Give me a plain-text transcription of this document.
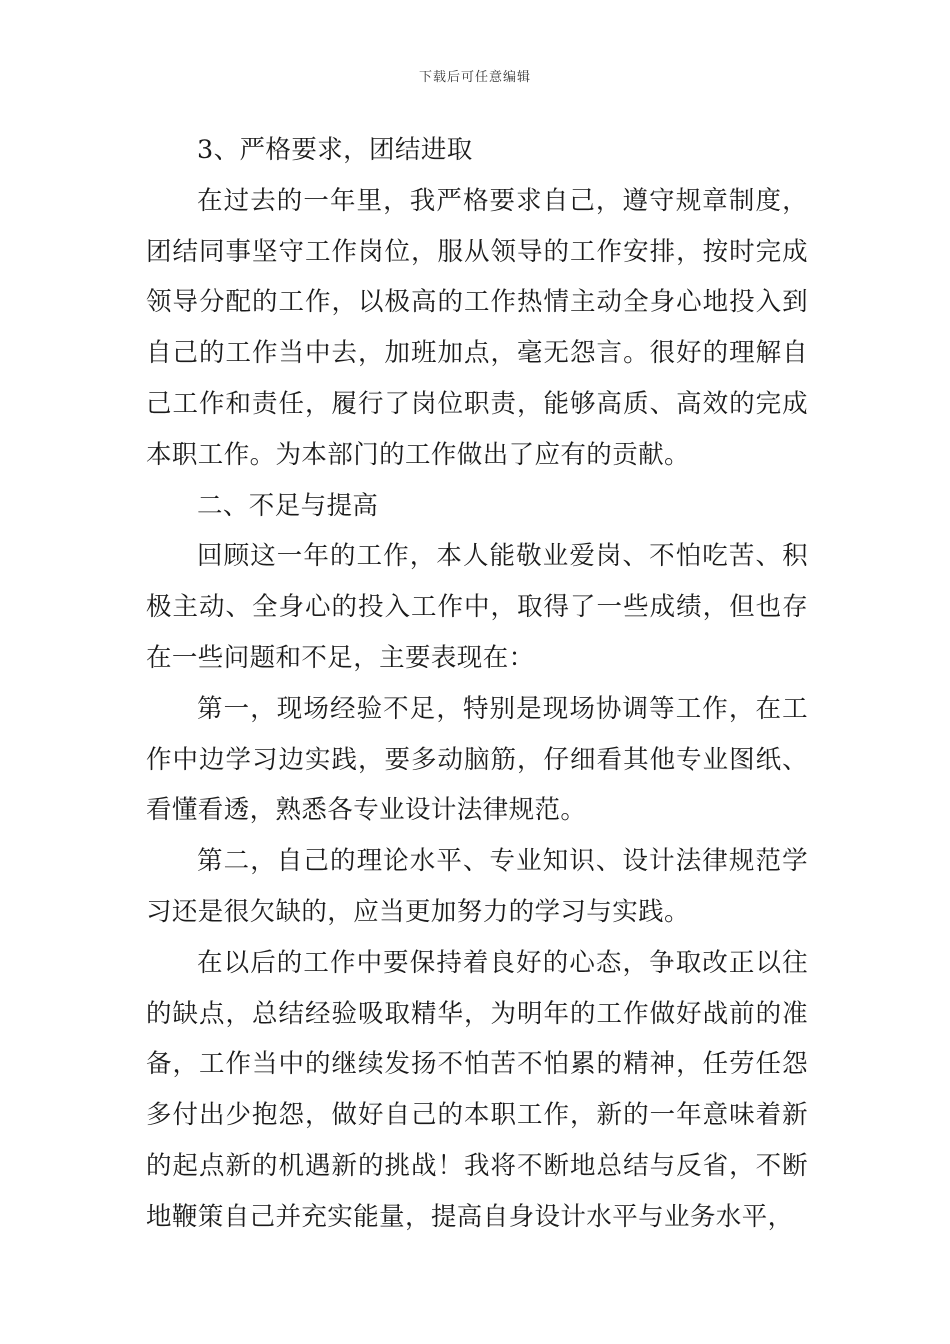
下载后可任意编辑

3、严格要求，团结进取

在过去的一年里，我严格要求自己，遵守规章制度，团结同事坚守工作岗位，服从领导的工作安排，按时完成领导分配的工作，以极高的工作热情主动全身心地投入到自己的工作当中去，加班加点，毫无怨言。很好的理解自己工作和责任，履行了岗位职责，能够高质、高效的完成本职工作。为本部门的工作做出了应有的贡献。

二、不足与提高

回顾这一年的工作，本人能敬业爱岗、不怕吃苦、积极主动、全身心的投入工作中，取得了一些成绩，但也存在一些问题和不足，主要表现在：

第一，现场经验不足，特别是现场协调等工作，在工作中边学习边实践，要多动脑筋，仔细看其他专业图纸、看懂看透，熟悉各专业设计法律规范。

第二，自己的理论水平、专业知识、设计法律规范学习还是很欠缺的，应当更加努力的学习与实践。

在以后的工作中要保持着良好的心态，争取改正以往的缺点，总结经验吸取精华，为明年的工作做好战前的准备，工作当中的继续发扬不怕苦不怕累的精神，任劳任怨多付出少抱怨，做好自己的本职工作，新的一年意味着新的起点新的机遇新的挑战！我将不断地总结与反省，不断地鞭策自己并充实能量，提高自身设计水平与业务水平，
